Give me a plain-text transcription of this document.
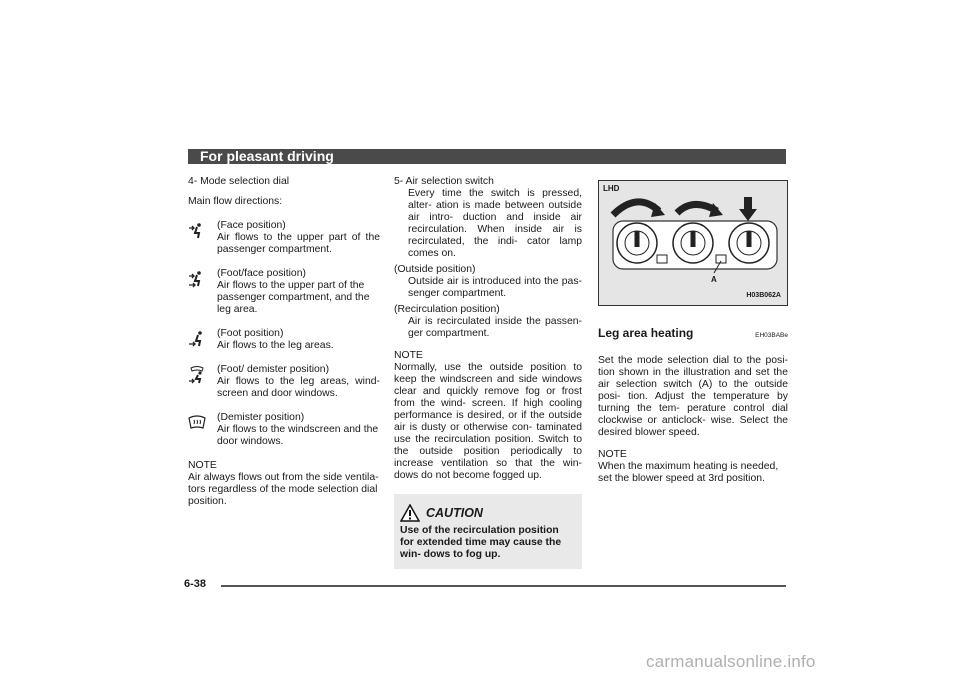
For pleasant driving

4- Mode selection dial

Main flow directions:

(Face position)

Air flows to the upper part of the passenger compartment.

(Foot/face position)

Air flows to the upper part of the passenger compartment, and the leg area.

(Foot position)

Air flows to the leg areas.

(Foot/ demister position)

Air flows to the leg areas, wind- screen and door windows.

(Demister position)

Air flows to the windscreen and the door windows.

NOTE

Air always flows out from the side ventila- tors regardless of the mode selection dial position.

5- Air selection switch

Every time the switch is pressed, alter- ation is made between outside air intro- duction and inside air recirculation. When inside air is recirculated, the indi- cator lamp comes on.

(Outside position)

Outside air is introduced into the pas- senger compartment.

(Recirculation position)

Air is recirculated inside the passen- ger compartment.

NOTE

Normally, use the outside position to keep the windscreen and side windows clear and quickly remove fog or frost from the wind- screen. If high cooling performance is desired, or if the outside air is dusty or otherwise con- taminated use the recirculation position. Switch to the outside position periodically to increase ventilation so that the win- dows do not become fogged up.

CAUTION

Use of the recirculation position for extended time may cause the win- dows to fog up.

LHD
A
H03B062A
Leg area heating	EH03BABe

Set the mode selection dial to the posi- tion shown in the illustration and set the air selection switch (A) to the outside posi- tion. Adjust the temperature by turning the tem- perature control dial clockwise or anticlock- wise. Select the desired blower speed.

NOTE

When the maximum heating is needed, set the blower speed at 3rd position.

6-38
carmanualsonline.info
